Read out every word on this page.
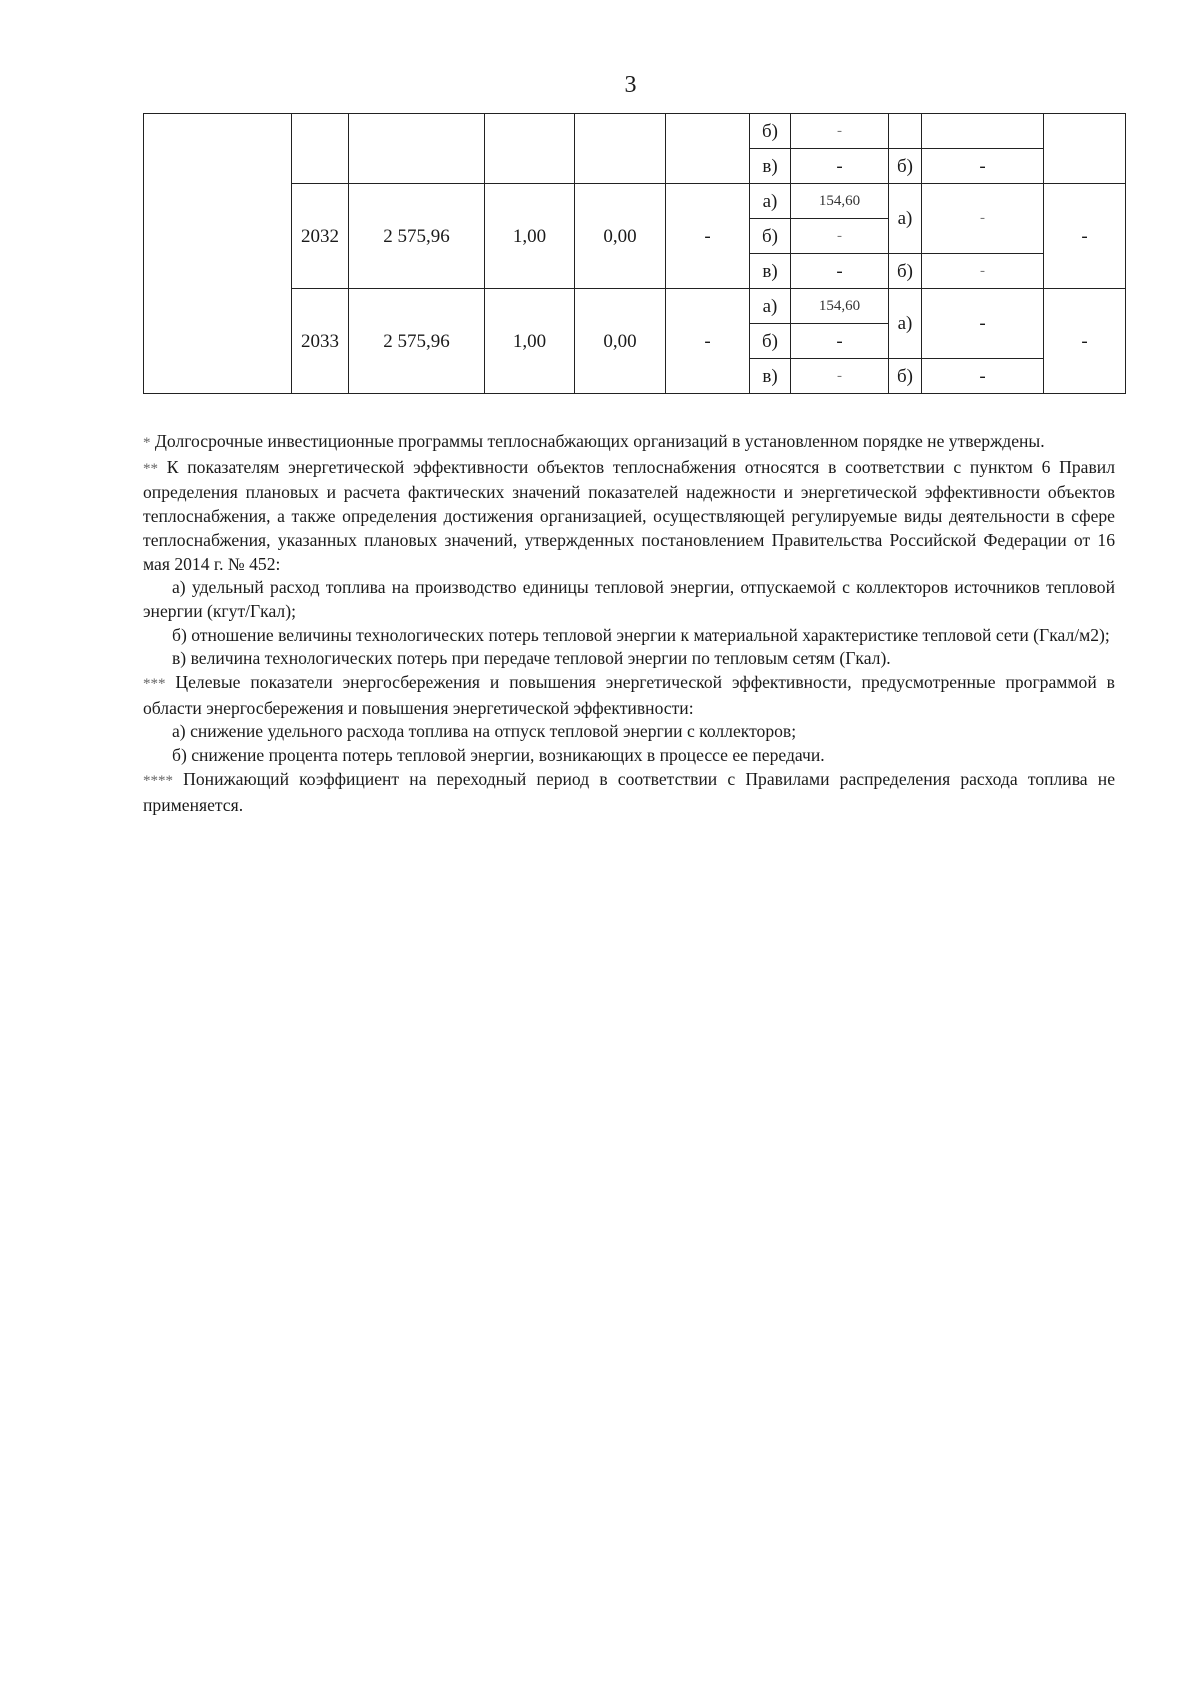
3
						б)	-			
						в)	-	б)	-	
	2032	2 575,96	1,00	0,00	-	а)	154,60	а)	-	-
						б)	-			
						в)	-	б)	-	
	2033	2 575,96	1,00	0,00	-	а)	154,60	а)	-	-
						б)	-			
						в)	-	б)	-	

* Долгосрочные инвестиционные программы теплоснабжающих организаций в установленном порядке не утверждены.

** К показателям энергетической эффективности объектов теплоснабжения относятся в соответствии с пунктом 6 Правил определения плановых и расчета фактических значений показателей надежности и энергетической эффективности объектов теплоснабжения, а также определения достижения организацией, осуществляющей регулируемые виды деятельности в сфере теплоснабжения, указанных плановых значений, утвержденных постановлением Правительства Российской Федерации от 16 мая 2014 г. № 452:

а) удельный расход топлива на производство единицы тепловой энергии, отпускаемой с коллекторов источников тепловой энергии (кгут/Гкал);

б) отношение величины технологических потерь тепловой энергии к материальной характеристике тепловой сети (Гкал/м2);

в) величина технологических потерь при передаче тепловой энергии по тепловым сетям (Гкал).

*** Целевые показатели энергосбережения и повышения энергетической эффективности, предусмотренные программой в области энергосбережения и повышения энергетической эффективности:

а) снижение удельного расхода топлива на отпуск тепловой энергии с коллекторов;

б) снижение процента потерь тепловой энергии, возникающих в процессе ее передачи.

**** Понижающий коэффициент на переходный период в соответствии с Правилами распределения расхода топлива не применяется.
